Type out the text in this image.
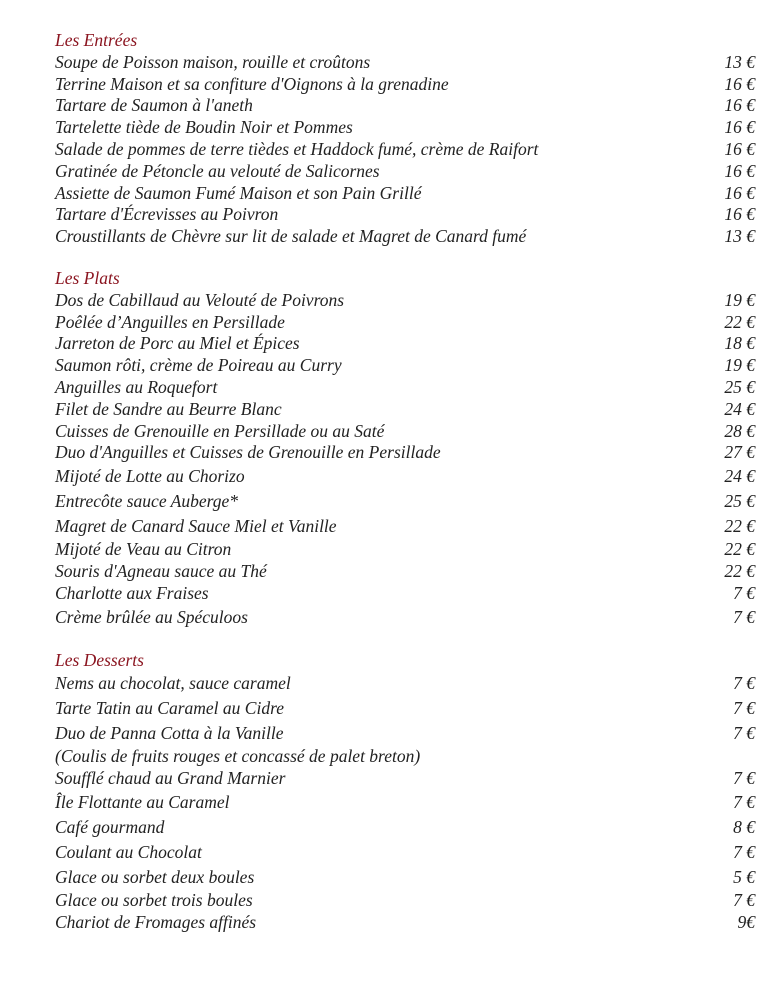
Les Entrées
Soupe de Poisson maison, rouille et croûtons	13 €
Terrine Maison et sa confiture d'Oignons à la grenadine	16 €
Tartare de Saumon à l'aneth	16 €
Tartelette tiède de Boudin Noir et Pommes	16 €
Salade de pommes de terre tièdes et Haddock fumé, crème de Raifort	16 €
Gratinée de Pétoncle au velouté de Salicornes	16 €
Assiette de Saumon Fumé Maison et son Pain Grillé	16 €
Tartare d'Écrevisses au Poivron	16 €
Croustillants de Chèvre sur lit de salade et Magret de Canard fumé	13 €
Les Plats
Dos de Cabillaud au Velouté de Poivrons	19 €
Poêlée d’Anguilles en Persillade	22 €
Jarreton de Porc au Miel et Épices	18 €
Saumon rôti, crème de Poireau au Curry	19 €
Anguilles au Roquefort	25 €
Filet de Sandre au Beurre Blanc	24 €
Cuisses de Grenouille en Persillade ou au Saté	28 €
Duo d'Anguilles et Cuisses de Grenouille en Persillade	27 €
Mijoté de Lotte au Chorizo	24 €
Entrecôte sauce Auberge*	25 €
Magret de Canard Sauce Miel et Vanille	22 €
Mijoté de Veau au Citron	22 €
Souris d'Agneau sauce au Thé	22 €
Charlotte aux Fraises	7 €
Crème brûlée au Spéculoos	7 €
Les Desserts
Nems au chocolat, sauce caramel	7 €
Tarte Tatin au Caramel au Cidre	7 €
Duo de Panna Cotta à la Vanille	7 €
(Coulis de fruits rouges et concassé de palet breton)
Soufflé chaud au Grand Marnier	7 €
Île Flottante au Caramel	7 €
Café gourmand	8 €
Coulant au Chocolat	7 €
Glace ou sorbet deux boules	5 €
Glace ou sorbet trois boules	7 €
Chariot de Fromages affinés	9€
